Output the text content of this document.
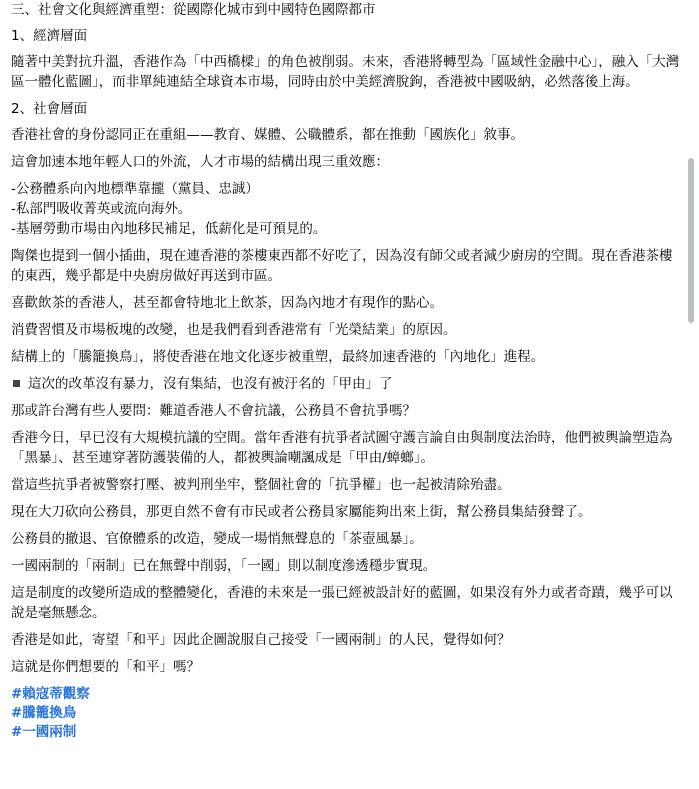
三、社會文化與經濟重塑：從國際化城市到中國特色國際都市

1、經濟層面

隨著中美對抗升溫，香港作為「中西橋樑」的角色被削弱。未來，香港將轉型為「區域性金融中心」，融入「大灣區一體化藍圖」，而非單純連結全球資本市場，同時由於中美經濟脫鉤，香港被中國吸納，必然落後上海。

2、社會層面

香港社會的身份認同正在重組——教育、媒體、公職體系，都在推動「國族化」敘事。

這會加速本地年輕人口的外流，人才市場的結構出現三重效應：

-公務體系向內地標準靠攏（黨員、忠誠）
-私部門吸收菁英或流向海外。
-基層勞動市場由內地移民補足，低薪化是可預見的。

陶傑也提到一個小插曲，現在連香港的茶樓東西都不好吃了，因為沒有師父或者減少廚房的空間。現在香港茶樓的東西，幾乎都是中央廚房做好再送到市區。

喜歡飲茶的香港人，甚至都會特地北上飲茶，因為內地才有現作的點心。

消費習慣及市場板塊的改變，也是我們看到香港常有「光榮結業」的原因。

結構上的「騰籠換鳥」，將使香港在地文化逐步被重塑，最終加速香港的「內地化」進程。

這次的改革沒有暴力，沒有集結，也沒有被汙名的「甲由」了

那或許台灣有些人要問：難道香港人不會抗議，公務員不會抗爭嗎？

香港今日，早已沒有大規模抗議的空間。當年香港有抗爭者試圖守護言論自由與制度法治時，他們被輿論塑造為「黑暴」、甚至連穿著防護裝備的人，都被輿論嘲諷成是「甲由/蟑螂」。

當這些抗爭者被警察打壓、被判刑坐牢，整個社會的「抗爭權」也一起被清除殆盡。

現在大刀砍向公務員，那更自然不會有市民或者公務員家屬能夠出來上街，幫公務員集結發聲了。

公務員的撤退、官僚體系的改造，變成一場悄無聲息的「茶壺風暴」。

一國兩制的「兩制」已在無聲中削弱，「一國」則以制度滲透穩步實現。

這是制度的改變所造成的整體變化，香港的未來是一張已經被設計好的藍圖，如果沒有外力或者奇蹟，幾乎可以說是毫無懸念。

香港是如此，寄望「和平」因此企圖說服自己接受「一國兩制」的人民，覺得如何？

這就是你們想要的「和平」嗎？

#賴寇蒂觀察
#騰籠換鳥
#一國兩制
